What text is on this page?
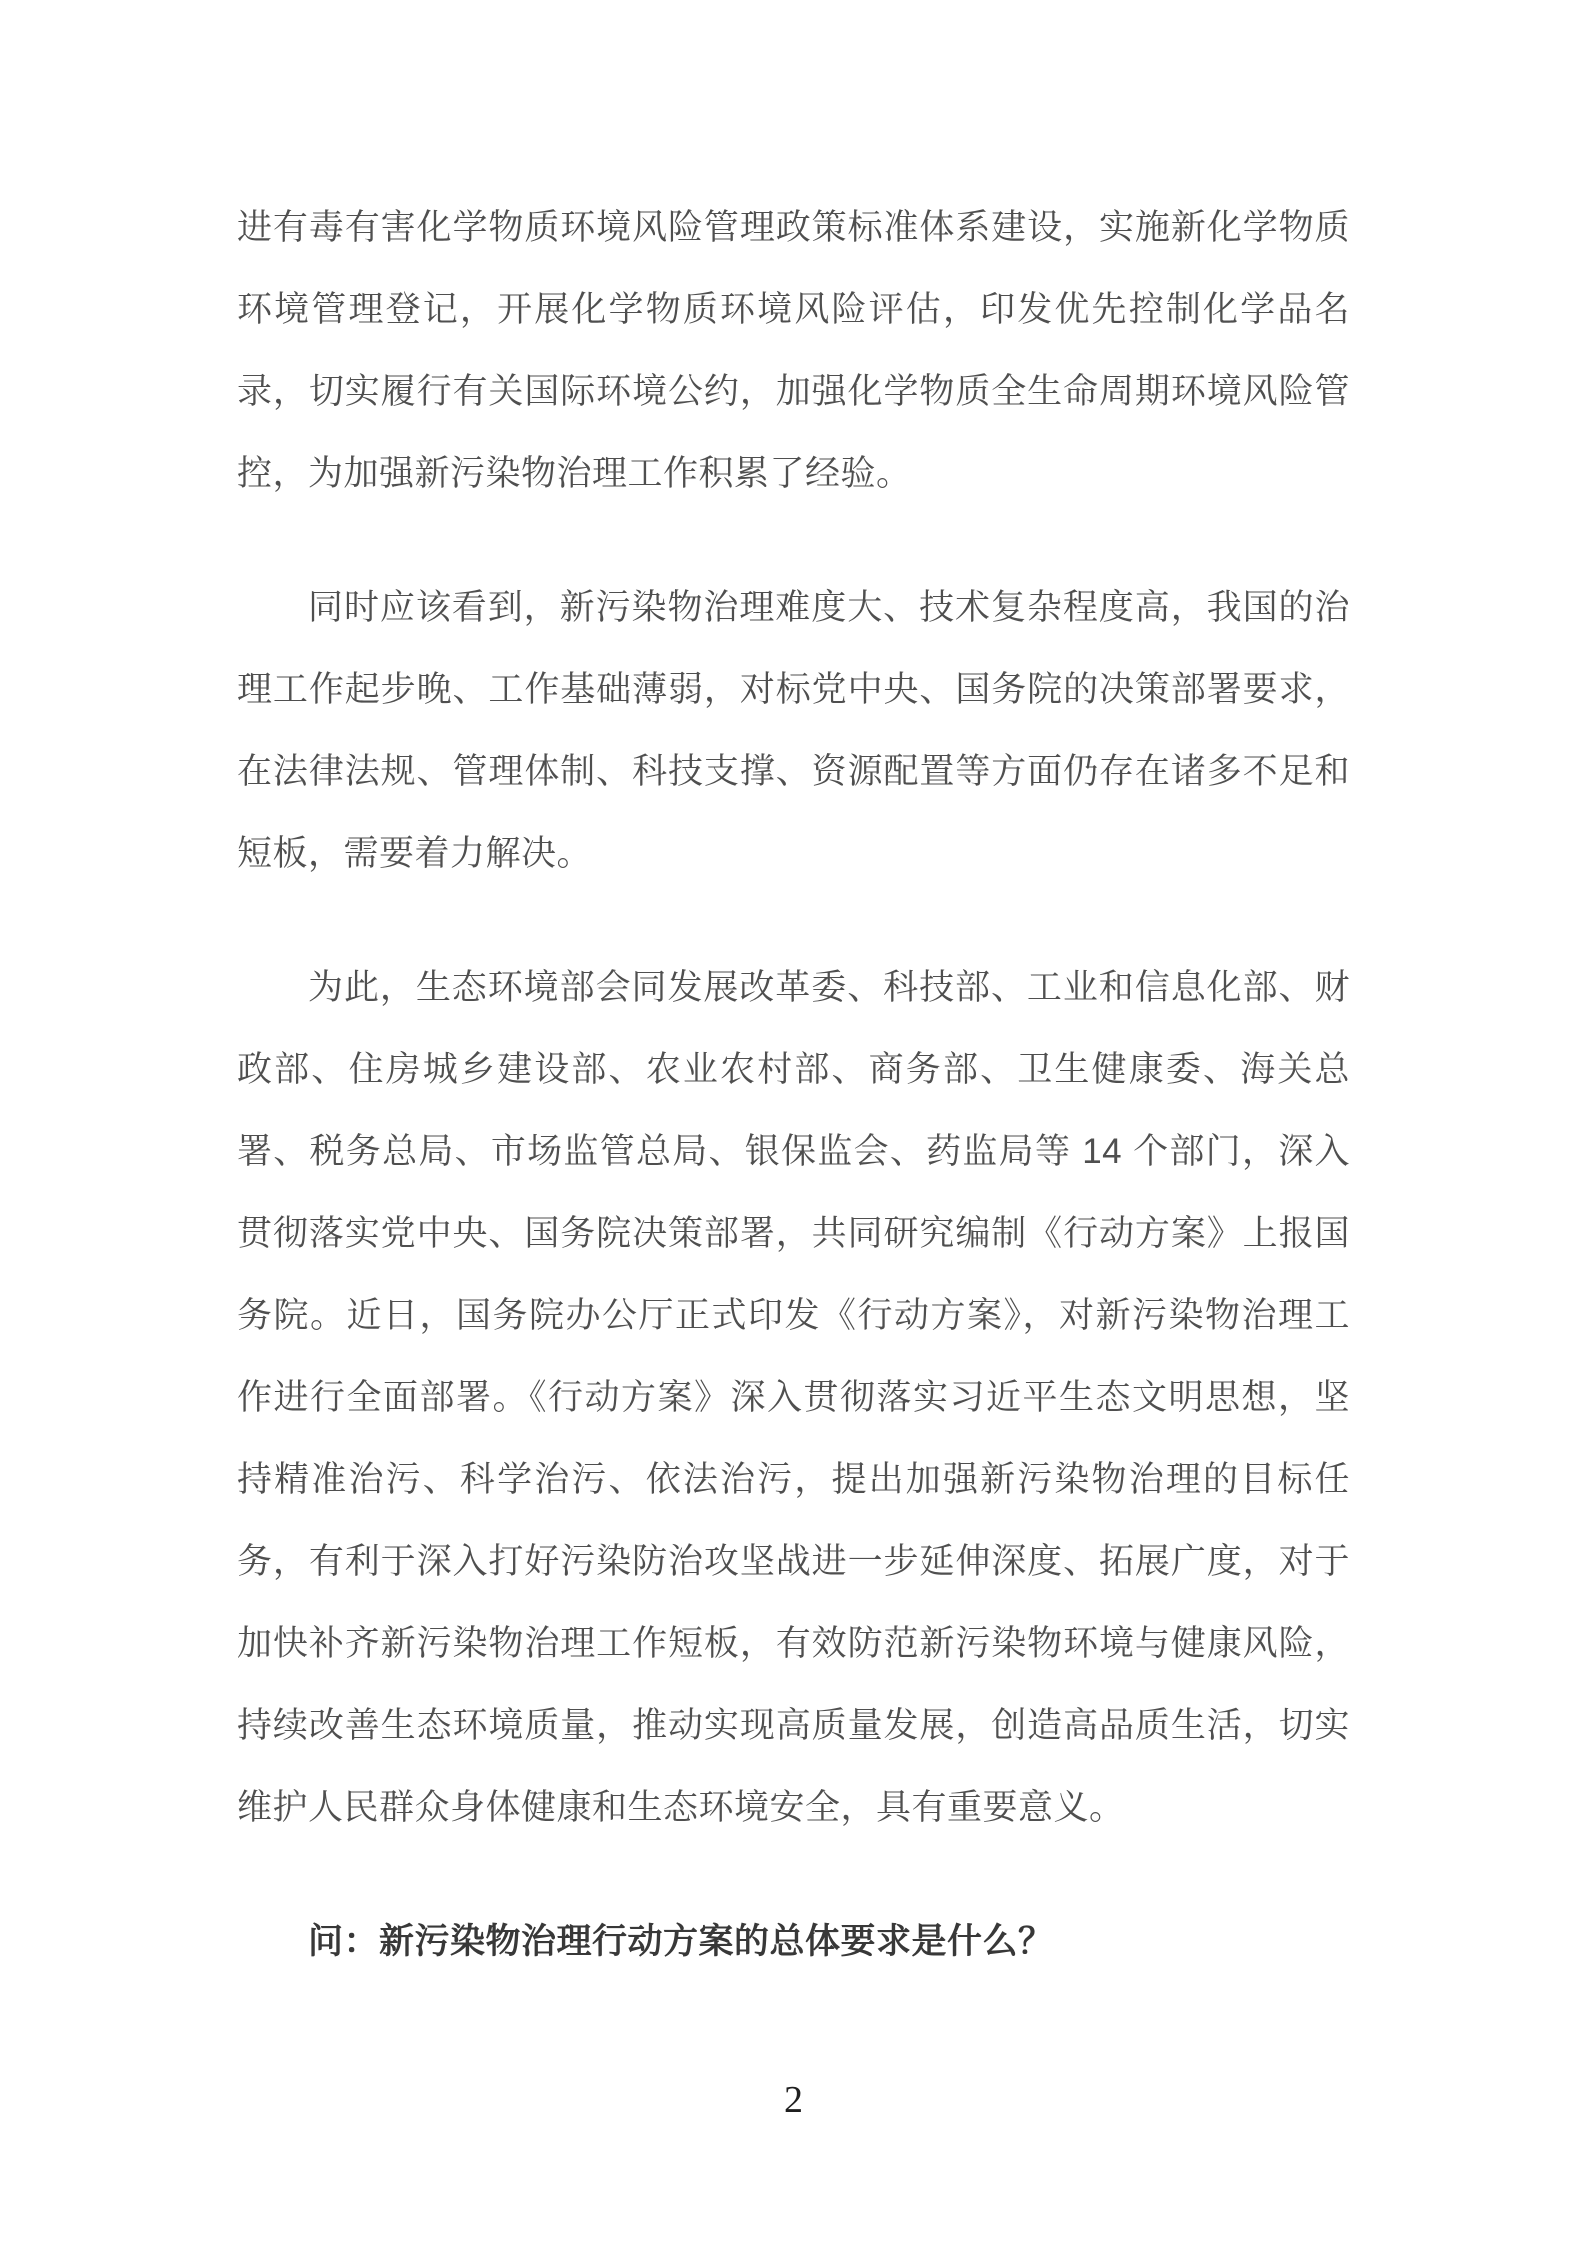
进有毒有害化学物质环境风险管理政策标准体系建设，实施新化学物质环境管理登记，开展化学物质环境风险评估，印发优先控制化学品名录，切实履行有关国际环境公约，加强化学物质全生命周期环境风险管控，为加强新污染物治理工作积累了经验。

同时应该看到，新污染物治理难度大、技术复杂程度高，我国的治理工作起步晚、工作基础薄弱，对标党中央、国务院的决策部署要求，在法律法规、管理体制、科技支撑、资源配置等方面仍存在诸多不足和短板，需要着力解决。

为此，生态环境部会同发展改革委、科技部、工业和信息化部、财政部、住房城乡建设部、农业农村部、商务部、卫生健康委、海关总署、税务总局、市场监管总局、银保监会、药监局等 14 个部门，深入贯彻落实党中央、国务院决策部署，共同研究编制《行动方案》上报国务院。近日，国务院办公厅正式印发《行动方案》，对新污染物治理工作进行全面部署。《行动方案》深入贯彻落实习近平生态文明思想，坚持精准治污、科学治污、依法治污，提出加强新污染物治理的目标任务，有利于深入打好污染防治攻坚战进一步延伸深度、拓展广度，对于加快补齐新污染物治理工作短板，有效防范新污染物环境与健康风险，持续改善生态环境质量，推动实现高质量发展，创造高品质生活，切实维护人民群众身体健康和生态环境安全，具有重要意义。

问：新污染物治理行动方案的总体要求是什么？

2
